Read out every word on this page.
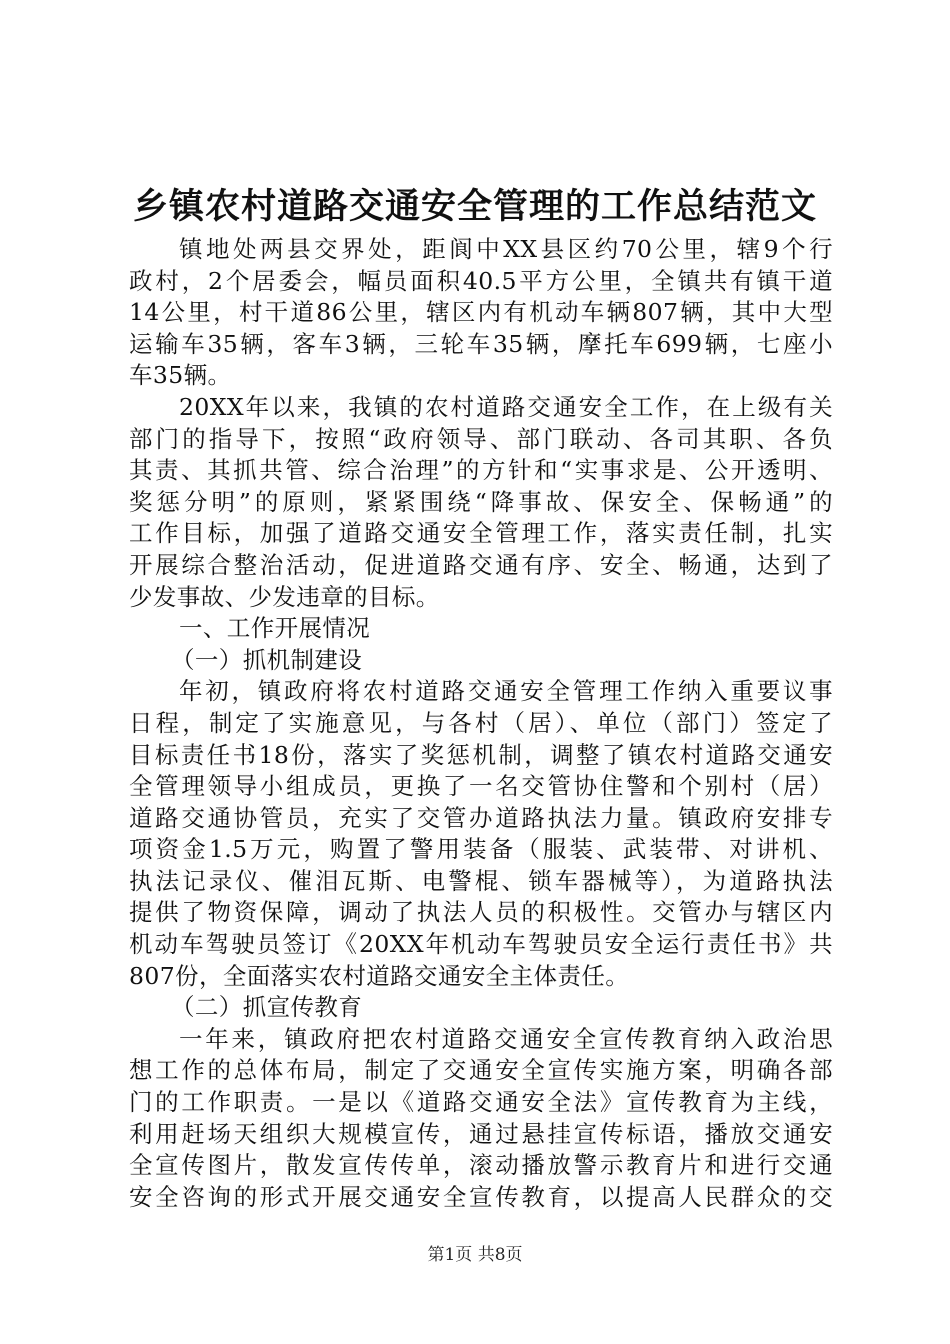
乡镇农村道路交通安全管理的工作总结范文
镇地处两县交界处，距阆中XX县区约70公里，辖9个行
政村，2个居委会，幅员面积40.5平方公里，全镇共有镇干道
14公里，村干道86公里，辖区内有机动车辆807辆，其中大型
运输车35辆，客车3辆，三轮车35辆，摩托车699辆，七座小
车35辆。
20XX年以来，我镇的农村道路交通安全工作，在上级有关
部门的指导下，按照“政府领导、部门联动、各司其职、各负
其责、其抓共管、综合治理”的方针和“实事求是、公开透明、
奖惩分明”的原则，紧紧围绕“降事故、保安全、保畅通”的
工作目标，加强了道路交通安全管理工作，落实责任制，扎实
开展综合整治活动，促进道路交通有序、安全、畅通，达到了
少发事故、少发违章的目标。
一、工作开展情况
（一）抓机制建设
年初，镇政府将农村道路交通安全管理工作纳入重要议事
日程，制定了实施意见，与各村（居）、单位（部门）签定了
目标责任书18份，落实了奖惩机制，调整了镇农村道路交通安
全管理领导小组成员，更换了一名交管协住警和个别村（居）
道路交通协管员，充实了交管办道路执法力量。镇政府安排专
项资金1.5万元，购置了警用装备（服装、武装带、对讲机、
执法记录仪、催泪瓦斯、电警棍、锁车器械等），为道路执法
提供了物资保障，调动了执法人员的积极性。交管办与辖区内
机动车驾驶员签订《20XX年机动车驾驶员安全运行责任书》共
807份，全面落实农村道路交通安全主体责任。
（二）抓宣传教育
一年来，镇政府把农村道路交通安全宣传教育纳入政治思
想工作的总体布局，制定了交通安全宣传实施方案，明确各部
门的工作职责。一是以《道路交通安全法》宣传教育为主线，
利用赶场天组织大规模宣传，通过悬挂宣传标语，播放交通安
全宣传图片，散发宣传传单，滚动播放警示教育片和进行交通
安全咨询的形式开展交通安全宣传教育，以提高人民群众的交
第1页 共8页
